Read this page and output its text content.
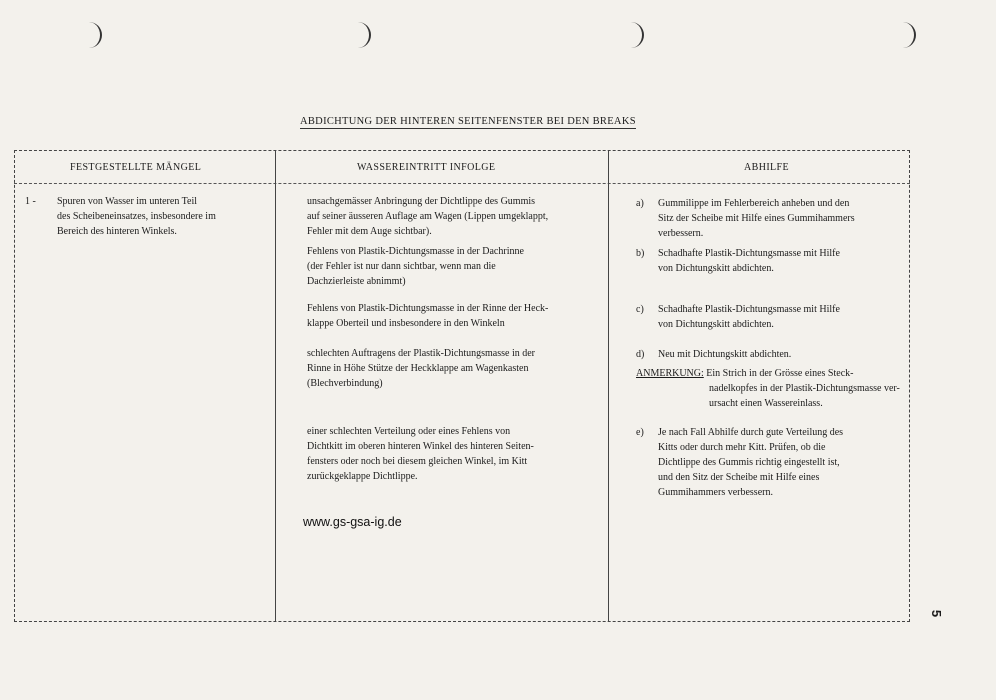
ABDICHTUNG DER HINTEREN SEITENFENSTER BEI DEN BREAKS
FESTGESTELLTE MÄNGEL	WASSEREINTRITT INFOLGE	ABHILFE
1 - Spuren von Wasser im unteren Teil
des Scheibeneinsatzes, insbesondere im
Bereich des hinteren Winkels.
unsachgemässer Anbringung der Dichtlippe des Gummis
auf seiner äusseren Auflage am Wagen (Lippen umgeklappt,
Fehler mit dem Auge sichtbar).
Fehlens von Plastik-Dichtungsmasse in der Dachrinne
(der Fehler ist nur dann sichtbar, wenn man die
Dachzierleiste abnimmt)
Fehlens von Plastik-Dichtungsmasse in der Rinne der Heck-
klappe Oberteil und insbesondere in den Winkeln
schlechten Auftragens der Plastik-Dichtungsmasse in der
Rinne in Höhe Stütze der Heckklappe am Wagenkasten
(Blechverbindung)
einer schlechten Verteilung oder eines Fehlens von
Dichtkitt im oberen hinteren Winkel des hinteren Seiten-
fensters oder noch bei diesem gleichen Winkel, im Kitt
zurückgeklappe Dichtlippe.
www.gs-gsa-ig.de
a) Gummilippe im Fehlerbereich anheben und den
Sitz der Scheibe mit Hilfe eines Gummihammers
verbessern.
b) Schadhafte Plastik-Dichtungsmasse mit Hilfe
von Dichtungskitt abdichten.
c) Schadhafte Plastik-Dichtungsmasse mit Hilfe
von Dichtungskitt abdichten.
d) Neu mit Dichtungskitt abdichten.
ANMERKUNG: Ein Strich in der Grösse eines Steck-
nadelkopfes in der Plastik-Dichtungsmasse ver-
ursacht einen Wassereinlass.
e) Je nach Fall Abhilfe durch gute Verteilung des
Kitts oder durch mehr Kitt. Prüfen, ob die
Dichtlippe des Gummis richtig eingestellt ist,
und den Sitz der Scheibe mit Hilfe eines
Gummihammers verbessern.
5
